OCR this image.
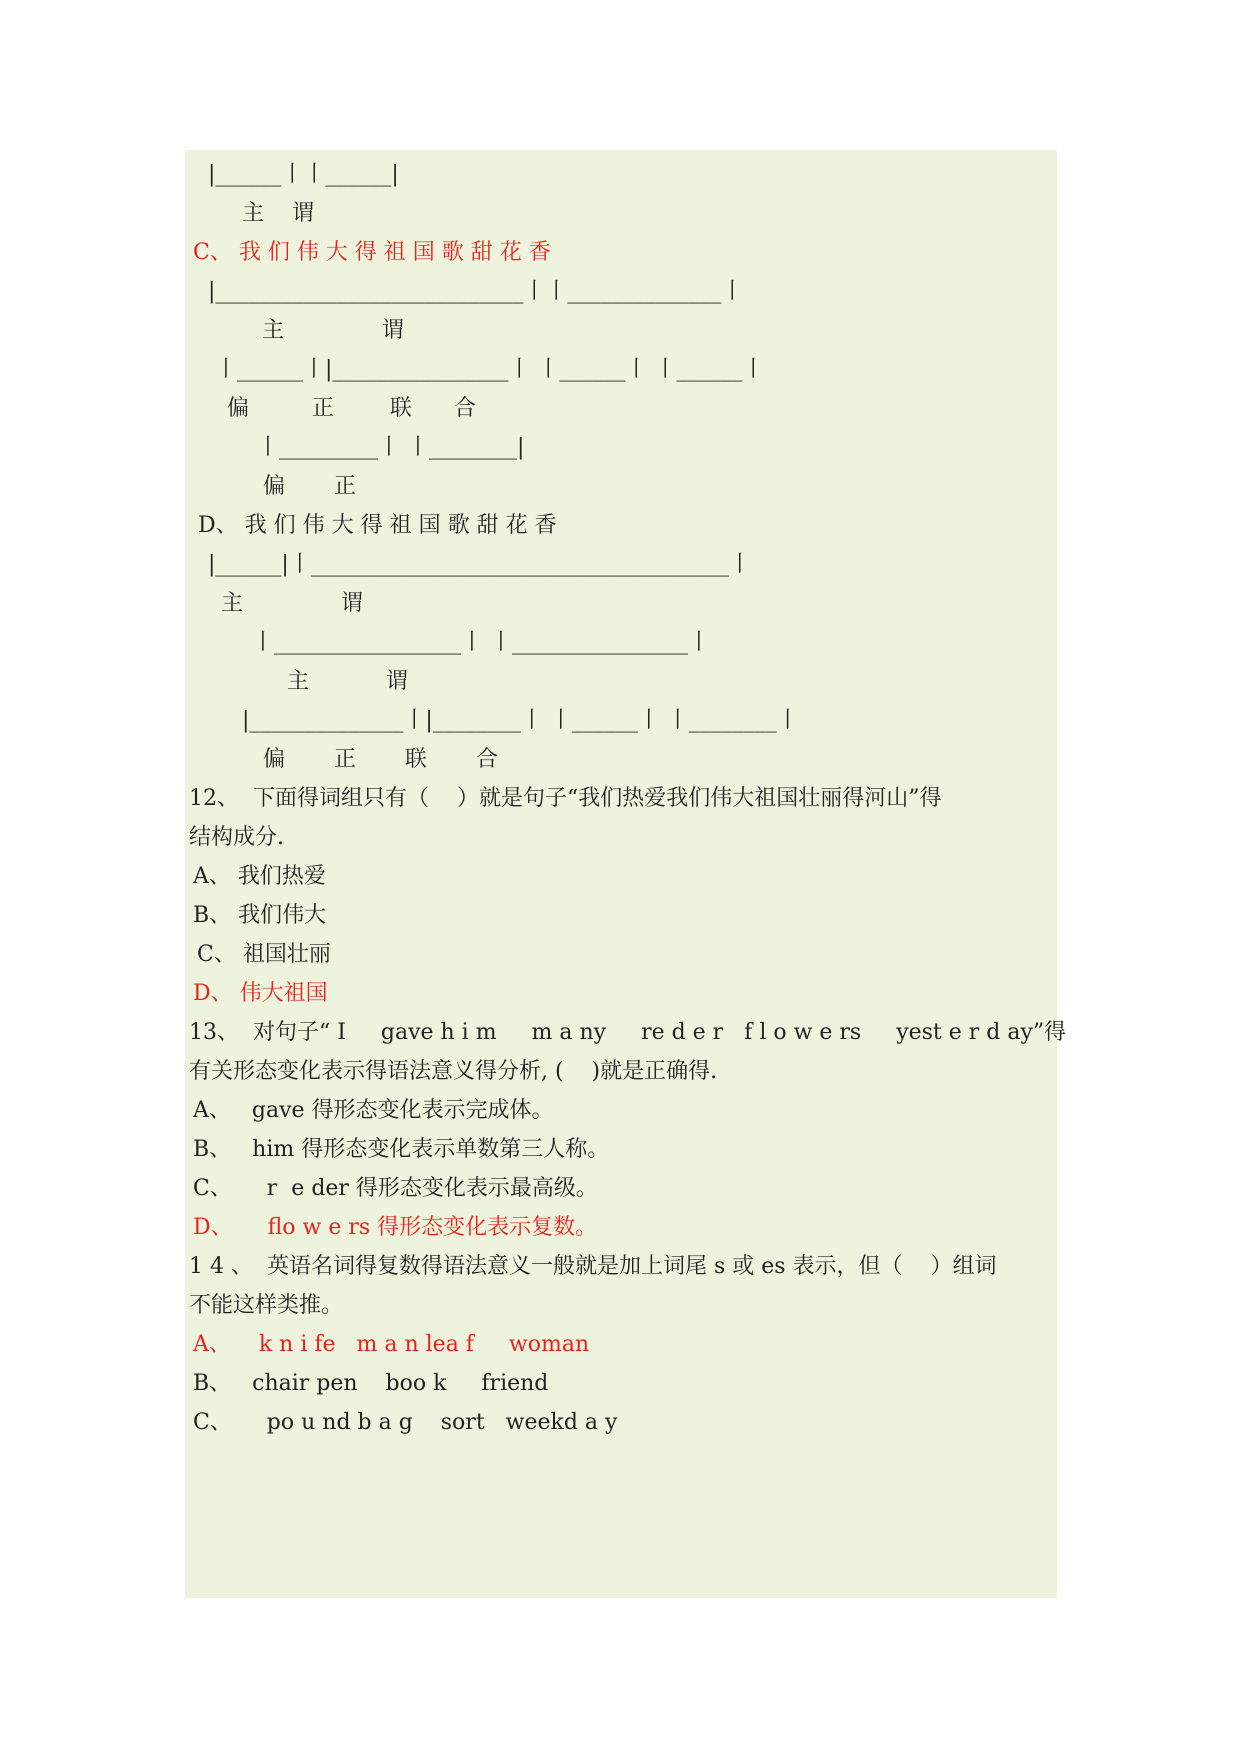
|______丨丨______|
主    谓
C、 我 们 伟 大 得 祖 国 歌 甜 花 香
|____________________________丨丨______________丨
主              谓
丨______丨|________________丨 丨______丨 丨______丨
偏         正        联      合
丨_________丨 丨________|
偏       正
D、 我 们 伟 大 得 祖 国 歌 甜 花 香
|______|丨______________________________________丨
主              谓
丨_________________丨 丨________________丨
主           谓
|______________丨|________丨 丨______丨 丨________丨
偏       正       联       合
12、  下面得词组只有（    ）就是句子“我们热爱我们伟大祖国壮丽得河山”得
结构成分.
A、 我们热爱
B、 我们伟大
C、 祖国壮丽
D、 伟大祖国
13、  对句子“ I     gave h i m     m a ny     re d e r   f l o w e rs     yest e r d ay”得
有关形态变化表示得语法意义得分析, (    )就是正确得.
A、   gave 得形态变化表示完成体。
B、   him 得形态变化表示单数第三人称。
C、     r  e der 得形态变化表示最高级。
D、     flo w e rs 得形态变化表示复数。
1 4 、  英语名词得复数得语法意义一般就是加上词尾 s 或 es 表示，但（    ）组词
不能这样类推。
A、    k n i fe   m a n lea f     woman
B、   chair pen    boo k     friend
C、     po u nd b a g    sort   weekd a y
